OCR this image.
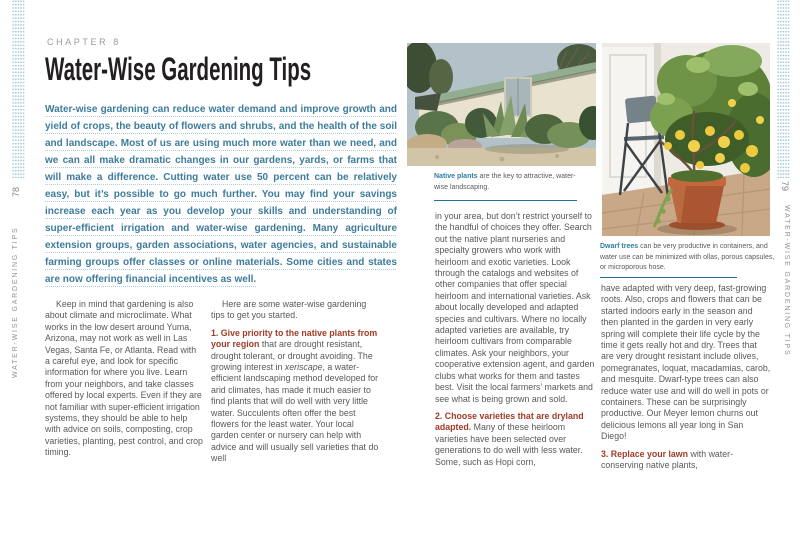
78
WATER-WISE GARDENING TIPS
79
WATER-WISE GARDENING TIPS
CHAPTER 8
Water-Wise Gardening Tips
Water-wise gardening can reduce water demand and improve growth and yield of crops, the beauty of flowers and shrubs, and the health of the soil and landscape. Most of us are using much more water than we need, and we can all make dramatic changes in our gardens, yards, or farms that will make a difference. Cutting water use 50 percent can be relatively easy, but it’s possible to go much further. You may find your savings increase each year as you develop your skills and understanding of super-efficient irrigation and water-wise gardening. Many agriculture extension groups, garden associations, water agencies, and sustainable farming groups offer classes or online materials. Some cities and states are now offering financial incentives as well.

Keep in mind that gardening is also about climate and microclimate. What works in the low desert around Yuma, Arizona, may not work as well in Las Vegas, Santa Fe, or Atlanta. Read with a careful eye, and look for specific information for where you live. Learn from your neighbors, and take classes offered by local experts. Even if they are not familiar with super-efficient irrigation systems, they should be able to help with advice on soils, composting, crop varieties, planting, pest control, and crop timing.

Here are some water-wise gardening tips to get you started.

1. Give priority to the native plants from your region that are drought resistant, drought tolerant, or drought avoiding. The growing interest in xeriscape, a water-efficient landscaping method developed for arid climates, has made it much easier to find plants that will do well with very little water. Succulents often offer the best flowers for the least water. Your local garden center or nursery can help with advice and will usually sell varieties that do well

Native plants are the key to attractive, water-wise landscaping.
Dwarf trees can be very productive in containers, and water use can be minimized with ollas, porous capsules, or microporous hose.

in your area, but don’t restrict yourself to the handful of choices they offer. Search out the native plant nurseries and specialty growers who work with heirloom and exotic varieties. Look through the catalogs and websites of other companies that offer special heirloom and international varieties. Ask about locally developed and adapted species and cultivars. Where no locally adapted varieties are available, try heirloom cultivars from comparable climates. Ask your neighbors, your cooperative extension agent, and garden clubs what works for them and tastes best. Visit the local farmers’ markets and see what is being grown and sold.

2. Choose varieties that are dryland adapted. Many of these heirloom varieties have been selected over generations to do well with less water. Some, such as Hopi corn,

have adapted with very deep, fast-growing roots. Also, crops and flowers that can be started indoors early in the season and then planted in the garden in very early spring will complete their life cycle by the time it gets really hot and dry. Trees that are very drought resistant include olives, pomegranates, loquat, macadamias, carob, and mesquite. Dwarf-type trees can also reduce water use and will do well in pots or containers. These can be surprisingly productive. Our Meyer lemon churns out delicious lemons all year long in San Diego!

3. Replace your lawn with water-conserving native plants,
